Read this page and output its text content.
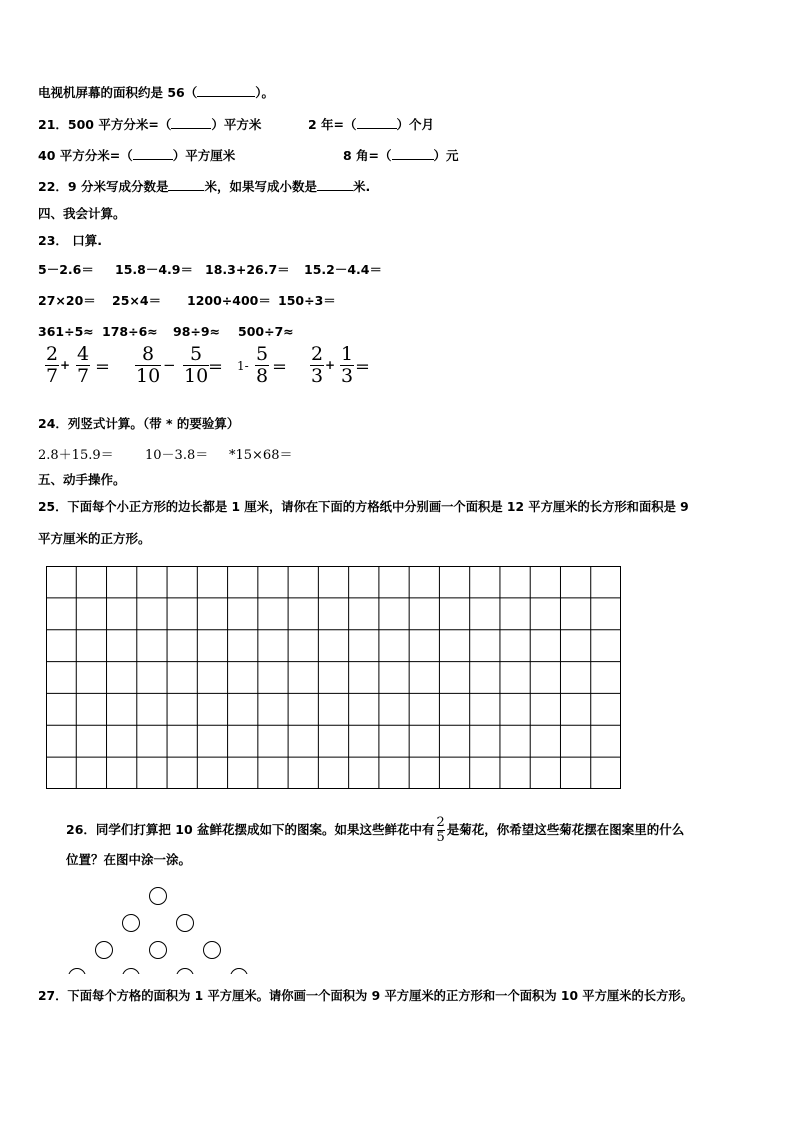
电视机屏幕的面积约是 56（	）。
21．500 平方分米=（	）平方米	2 年=（	）个月
40 平方分米=（	）平方厘米	8 角=（	）元
22．9 分米写成分数是	米，如果写成小数是	米.
四、我会计算。
23． 口算.
5－2.6＝ 15.8－4.9＝ 18.3+26.7＝ 15.2－4.4＝
27×20＝ 25×4＝ 1200÷400＝ 150÷3＝
361÷5≈ 178÷6≈ 98÷9≈ 500÷7≈
2
7 + 4
7 ＝
8
10 − 5
10 ＝ 1-
5
8 ＝
2
3 + 1
3 ＝
24．列竖式计算。（带 * 的要验算）
2.8＋15.9＝ 10－3.8＝ *15×68＝
五、动手操作。
25．下面每个小正方形的边长都是 1 厘米，请你在下面的方格纸中分别画一个面积是 12 平方厘米的长方形和面积是 9
平方厘米的正方形。
26．同学们打算把 10 盆鲜花摆成如下的图案。如果这些鲜花中有 $\frac{2}{5}$ 是菊花，你希望这些菊花摆在图案里的什么
位置？在图中涂一涂。
27．下面每个方格的面积为 1 平方厘米。请你画一个面积为 9 平方厘米的正方形和一个面积为 10 平方厘米的长方形。
